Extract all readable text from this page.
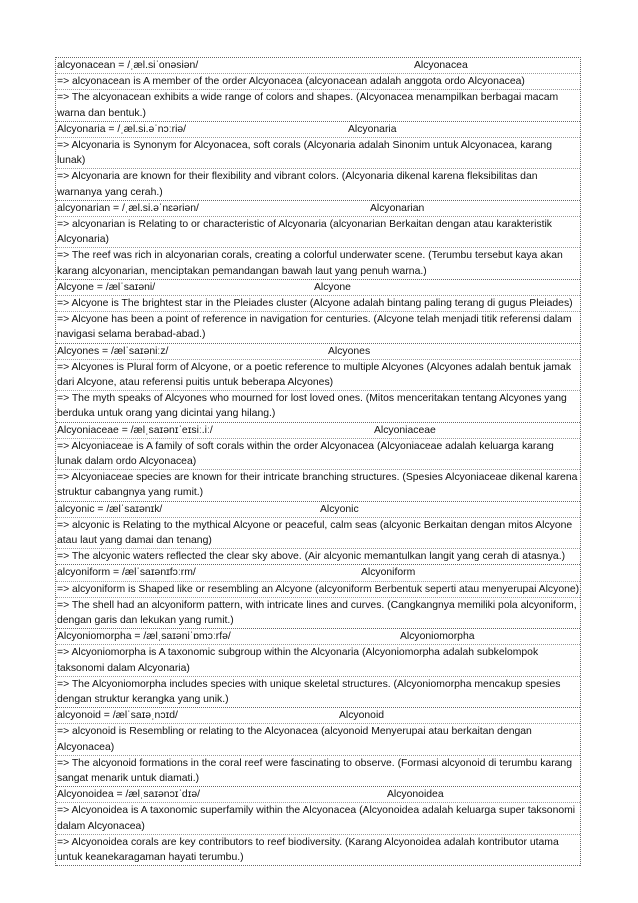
alcyonacean = /ˌæl.siˈonəsiən/	Alcyonacea
=> alcyonacean is A member of the order Alcyonacea (alcyonacean adalah anggota ordo Alcyonacea)
=> The alcyonacean exhibits a wide range of colors and shapes. (Alcyonacea menampilkan berbagai macam warna dan bentuk.)
Alcyonaria = /ˌæl.si.əˈnɔːriə/	Alcyonaria
=> Alcyonaria is Synonym for Alcyonacea, soft corals (Alcyonaria adalah Sinonim untuk Alcyonacea, karang lunak)
=> Alcyonaria are known for their flexibility and vibrant colors. (Alcyonaria dikenal karena fleksibilitas dan warnanya yang cerah.)
alcyonarian = /ˌæl.si.əˈnɛəriən/	Alcyonarian
=> alcyonarian is Relating to or characteristic of Alcyonaria (alcyonarian Berkaitan dengan atau karakteristik Alcyonaria)
=> The reef was rich in alcyonarian corals, creating a colorful underwater scene. (Terumbu tersebut kaya akan karang alcyonarian, menciptakan pemandangan bawah laut yang penuh warna.)
Alcyone = /ælˈsaɪəni/	Alcyone
=> Alcyone is The brightest star in the Pleiades cluster (Alcyone adalah bintang paling terang di gugus Pleiades)
=> Alcyone has been a point of reference in navigation for centuries. (Alcyone telah menjadi titik referensi dalam navigasi selama berabad-abad.)
Alcyones = /ælˈsaɪəniːz/	Alcyones
=> Alcyones is Plural form of Alcyone, or a poetic reference to multiple Alcyones (Alcyones adalah bentuk jamak dari Alcyone, atau referensi puitis untuk beberapa Alcyones)
=> The myth speaks of Alcyones who mourned for lost loved ones. (Mitos menceritakan tentang Alcyones yang berduka untuk orang yang dicintai yang hilang.)
Alcyoniaceae = /ælˌsaɪənɪˈeɪsiː.iː/	Alcyoniaceae
=> Alcyoniaceae is A family of soft corals within the order Alcyonacea (Alcyoniaceae adalah keluarga karang lunak dalam ordo Alcyonacea)
=> Alcyoniaceae species are known for their intricate branching structures. (Spesies Alcyoniaceae dikenal karena struktur cabangnya yang rumit.)
alcyonic = /ælˈsaɪənɪk/	Alcyonic
=> alcyonic is Relating to the mythical Alcyone or peaceful, calm seas (alcyonic Berkaitan dengan mitos Alcyone atau laut yang damai dan tenang)
=> The alcyonic waters reflected the clear sky above. (Air alcyonic memantulkan langit yang cerah di atasnya.)
alcyoniform = /ælˈsaɪənɪfɔːrm/	Alcyoniform
=> alcyoniform is Shaped like or resembling an Alcyone (alcyoniform Berbentuk seperti atau menyerupai Alcyone)
=> The shell had an alcyoniform pattern, with intricate lines and curves. (Cangkangnya memiliki pola alcyoniform, dengan garis dan lekukan yang rumit.)
Alcyoniomorpha = /ælˌsaɪəniˈɒmɔːrfə/	Alcyoniomorpha
=> Alcyoniomorpha is A taxonomic subgroup within the Alcyonaria (Alcyoniomorpha adalah subkelompok taksonomi dalam Alcyonaria)
=> The Alcyoniomorpha includes species with unique skeletal structures. (Alcyoniomorpha mencakup spesies dengan struktur kerangka yang unik.)
alcyonoid = /ælˈsaɪəˌnɔɪd/	Alcyonoid
=> alcyonoid is Resembling or relating to the Alcyonacea (alcyonoid Menyerupai atau berkaitan dengan Alcyonacea)
=> The alcyonoid formations in the coral reef were fascinating to observe. (Formasi alcyonoid di terumbu karang sangat menarik untuk diamati.)
Alcyonoidea = /ælˌsaɪənɔɪˈdɪə/	Alcyonoidea
=> Alcyonoidea is A taxonomic superfamily within the Alcyonacea (Alcyonoidea adalah keluarga super taksonomi dalam Alcyonacea)
=> Alcyonoidea corals are key contributors to reef biodiversity. (Karang Alcyonoidea adalah kontributor utama untuk keanekaragaman hayati terumbu.)
